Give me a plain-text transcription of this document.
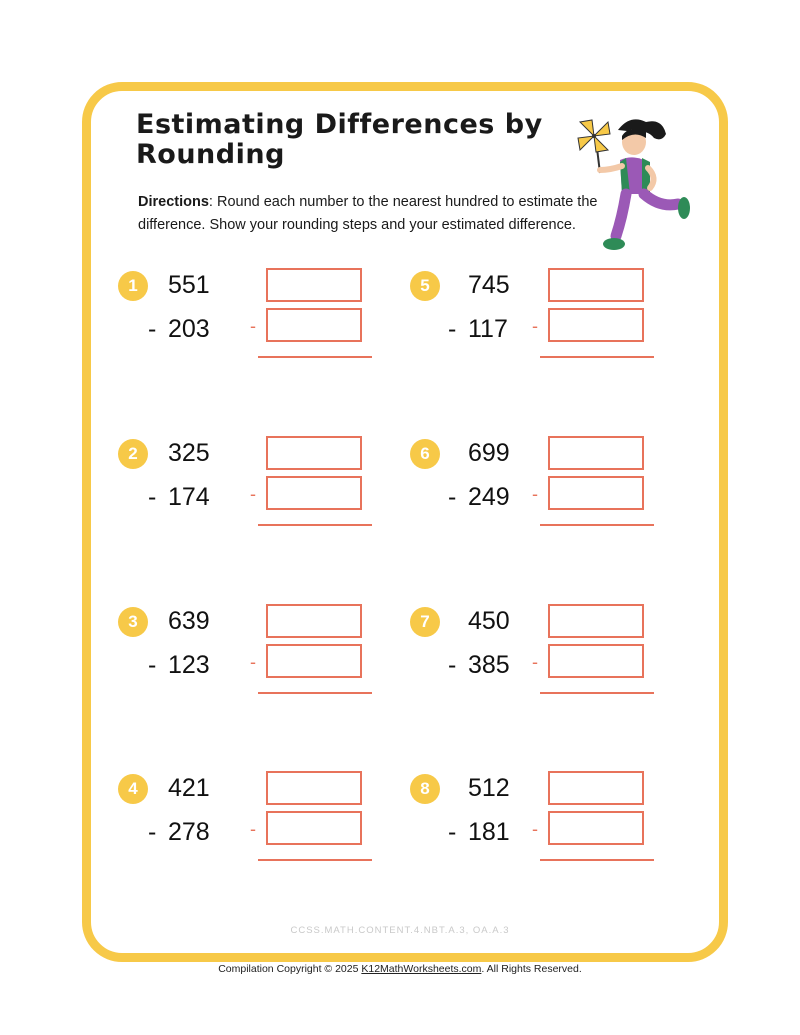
Estimating Differences by Rounding
Directions: Round each number to the nearest hundred to estimate the difference. Show your rounding steps and your estimated difference.
1	551
- 203 -
2	325
- 174 -
3	639
- 123 -
4	421
- 278 -
5	745
- 117 -
6	699
- 249 -
7	450
- 385 -
8	512
- 181 -
CCSS.MATH.CONTENT.4.NBT.A.3, OA.A.3
Compilation Copyright © 2025 K12MathWorksheets.com. All Rights Reserved.
